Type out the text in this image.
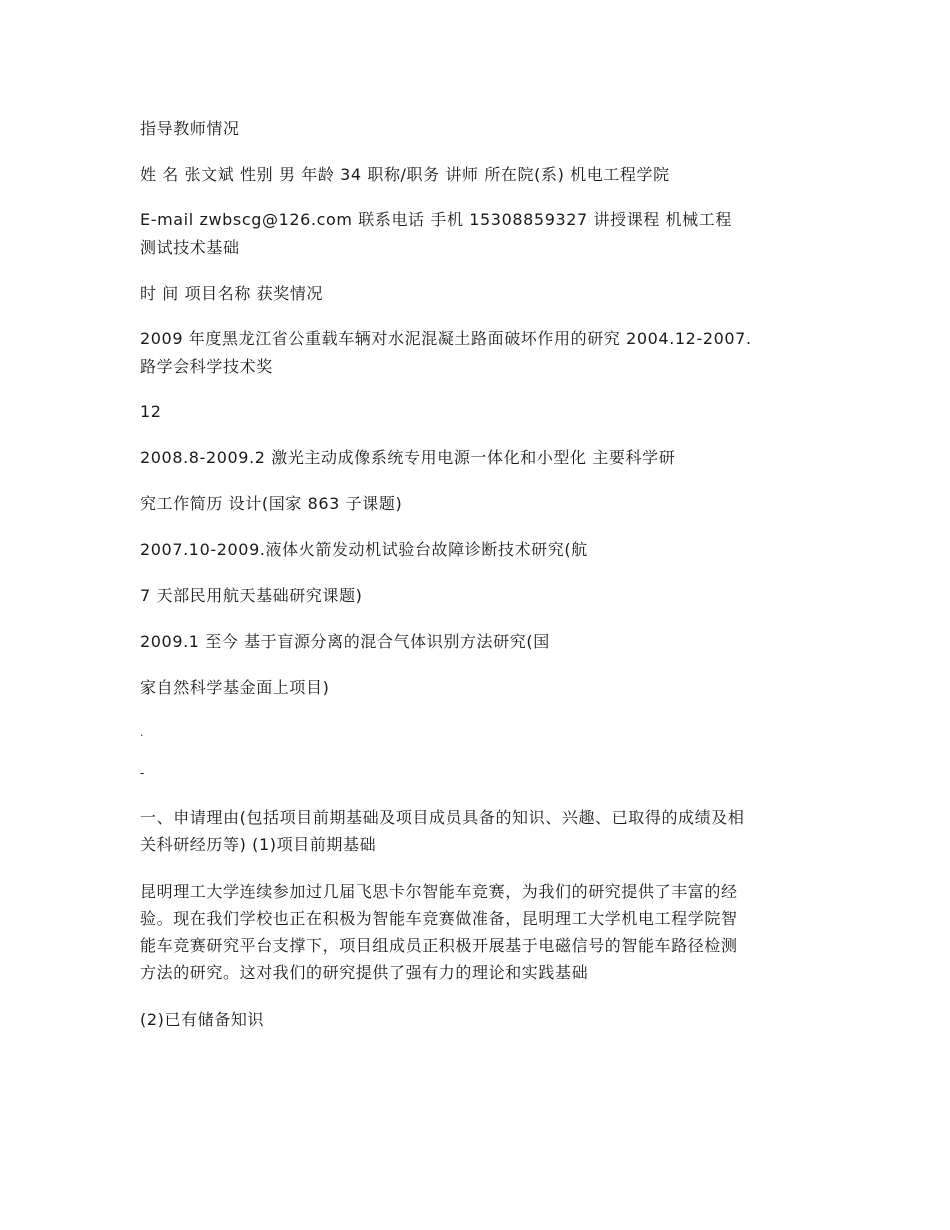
指导教师情况
姓 名 张文斌 性别 男 年龄 34 职称/职务 讲师 所在院(系) 机电工程学院
E-mail zwbscg@126.com 联系电话 手机 15308859327 讲授课程 机械工程
测试技术基础
时 间 项目名称 获奖情况
2009 年度黑龙江省公重载车辆对水泥混凝土路面破坏作用的研究 2004.12-2007.
路学会科学技术奖
12
2008.8-2009.2 激光主动成像系统专用电源一体化和小型化 主要科学研
究工作简历 设计(国家 863 子课题)
2007.10-2009.液体火箭发动机试验台故障诊断技术研究(航
7 天部民用航天基础研究课题)
2009.1 至今 基于盲源分离的混合气体识别方法研究(国
家自然科学基金面上项目)
.
-
一、申请理由(包括项目前期基础及项目成员具备的知识、兴趣、已取得的成绩及相
关科研经历等) (1)项目前期基础
昆明理工大学连续参加过几届飞思卡尔智能车竞赛，为我们的研究提供了丰富的经
验。现在我们学校也正在积极为智能车竞赛做准备，昆明理工大学机电工程学院智
能车竞赛研究平台支撑下，项目组成员正积极开展基于电磁信号的智能车路径检测
方法的研究。这对我们的研究提供了强有力的理论和实践基础
(2)已有储备知识
